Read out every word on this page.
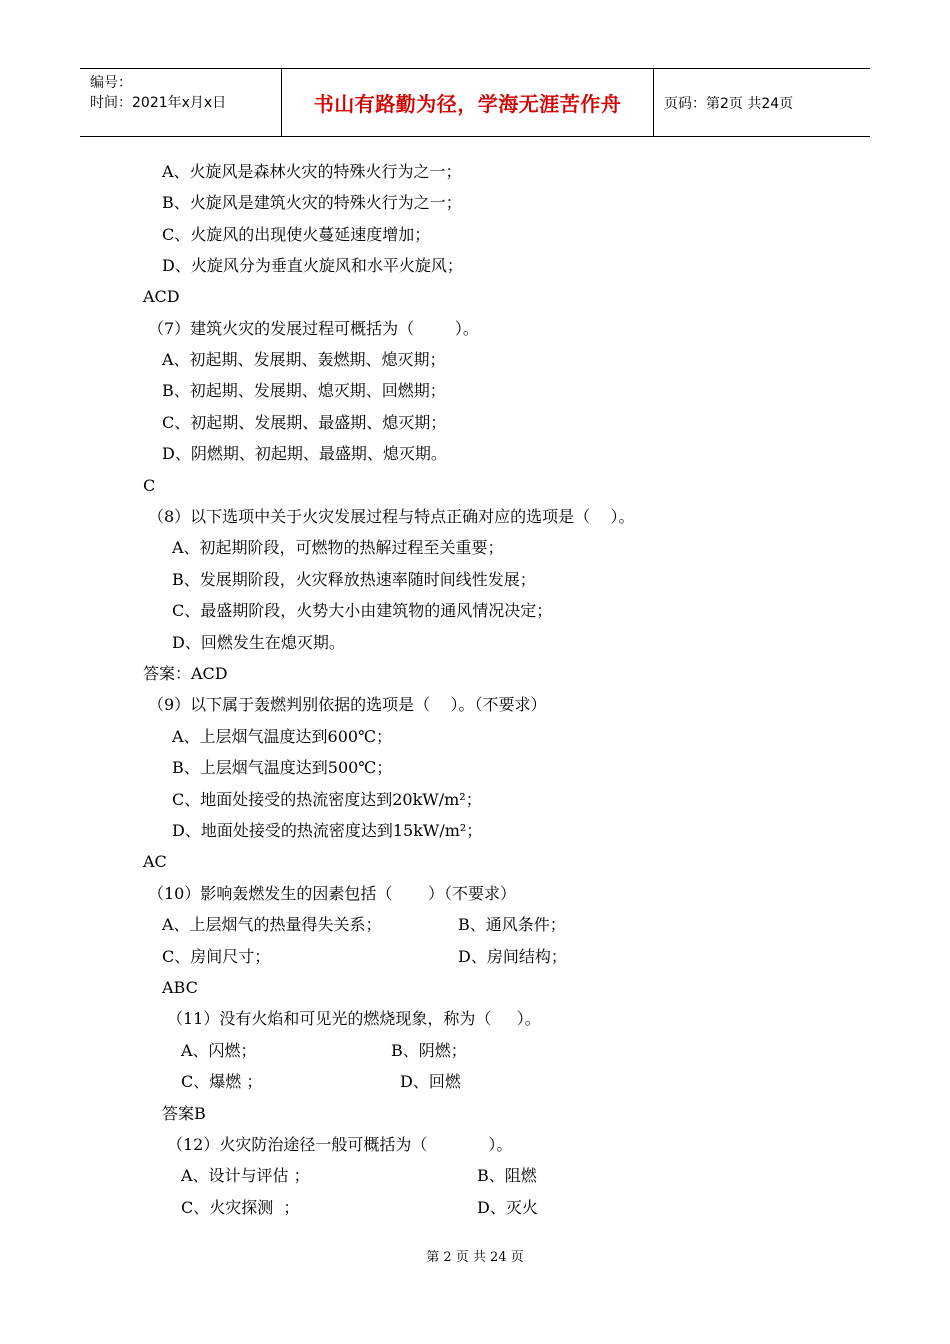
编号：
时间：2021年x月x日	书山有路勤为径，学海无涯苦作舟	页码：第2页 共24页
A、火旋风是森林火灾的特殊火行为之一；
B、火旋风是建筑火灾的特殊火行为之一；
C、火旋风的出现使火蔓延速度增加；
D、火旋风分为垂直火旋风和水平火旋风；
ACD
（7）建筑火灾的发展过程可概括为（        ）。
A、初起期、发展期、轰燃期、熄灭期；
B、初起期、发展期、熄灭期、回燃期；
C、初起期、发展期、最盛期、熄灭期；
D、阴燃期、初起期、最盛期、熄灭期。
C
（8）以下选项中关于火灾发展过程与特点正确对应的选项是（    ）。
A、初起期阶段，可燃物的热解过程至关重要；
B、发展期阶段，火灾释放热速率随时间线性发展；
C、最盛期阶段，火势大小由建筑物的通风情况决定；
D、回燃发生在熄灭期。
答案：ACD
（9）以下属于轰燃判别依据的选项是（    ）。（不要求）
A、上层烟气温度达到600℃；
B、上层烟气温度达到500℃；
C、地面处接受的热流密度达到20kW/m²；
D、地面处接受的热流密度达到15kW/m²；
AC
（10）影响轰燃发生的因素包括（       ）（不要求）
A、上层烟气的热量得失关系；	B、通风条件；
C、房间尺寸；	D、房间结构；
ABC
（11）没有火焰和可见光的燃烧现象，称为（     ）。
A、闪燃；	B、阴燃；
C、爆燃 ；	D、回燃
答案B
（12）火灾防治途径一般可概括为（            ）。
A、设计与评估 ；	B、阻燃
C、火灾探测  ；	D、灭火
第 2 页 共 24 页
